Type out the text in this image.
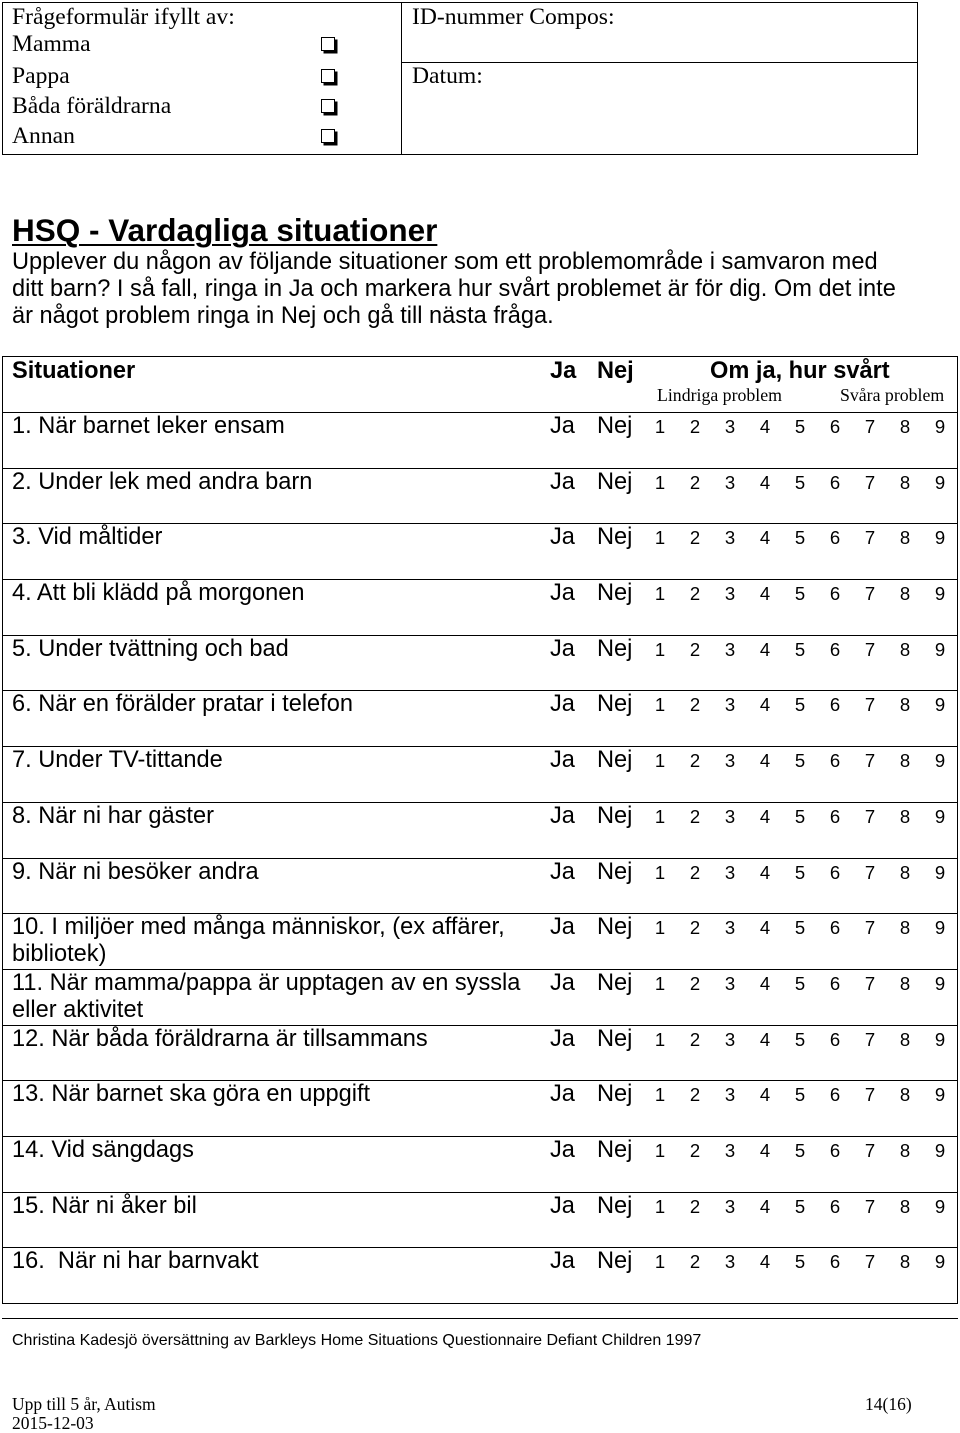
Frågeformulär ifyllt av:
Mamma
Pappa
Båda föräldrarna
Annan
ID-nummer Compos:
Datum:
HSQ - Vardagliga situationer
Upplever du någon av följande situationer som ett problemområde i samvaron med
ditt barn? I så fall, ringa in Ja och markera hur svårt problemet är för dig. Om det inte
är något problem ringa in Nej och gå till nästa fråga.
Situationer	Ja Nej	Om ja, hur svårt
Lindriga problem	Svåra problem
1. När barnet leker ensam	Ja Nej 1 2 3 4 5 6 7 8 9
2. Under lek med andra barn	Ja Nej 1 2 3 4 5 6 7 8 9
3. Vid måltider	Ja Nej 1 2 3 4 5 6 7 8 9
4. Att bli klädd på morgonen	Ja Nej 1 2 3 4 5 6 7 8 9
5. Under tvättning och bad	Ja Nej 1 2 3 4 5 6 7 8 9
6. När en förälder pratar i telefon	Ja Nej 1 2 3 4 5 6 7 8 9
7. Under TV-tittande	Ja Nej 1 2 3 4 5 6 7 8 9
8. När ni har gäster	Ja Nej 1 2 3 4 5 6 7 8 9
9. När ni besöker andra	Ja Nej 1 2 3 4 5 6 7 8 9
10. I miljöer med många människor, (ex affärer, bibliotek)
Ja Nej 1 2 3 4 5 6 7 8 9
11. När mamma/pappa är upptagen av en syssla eller aktivitet
Ja Nej 1 2 3 4 5 6 7 8 9
12. När båda föräldrarna är tillsammans	Ja Nej 1 2 3 4 5 6 7 8 9
13. När barnet ska göra en uppgift	Ja Nej 1 2 3 4 5 6 7 8 9
14. Vid sängdags	Ja Nej 1 2 3 4 5 6 7 8 9
15. När ni åker bil	Ja Nej 1 2 3 4 5 6 7 8 9
16.  När ni har barnvakt	Ja Nej 1 2 3 4 5 6 7 8 9
Christina Kadesjö översättning av Barkleys Home Situations Questionnaire Defiant Children 1997
Upp till 5 år, Autism	14(16)
2015-12-03
